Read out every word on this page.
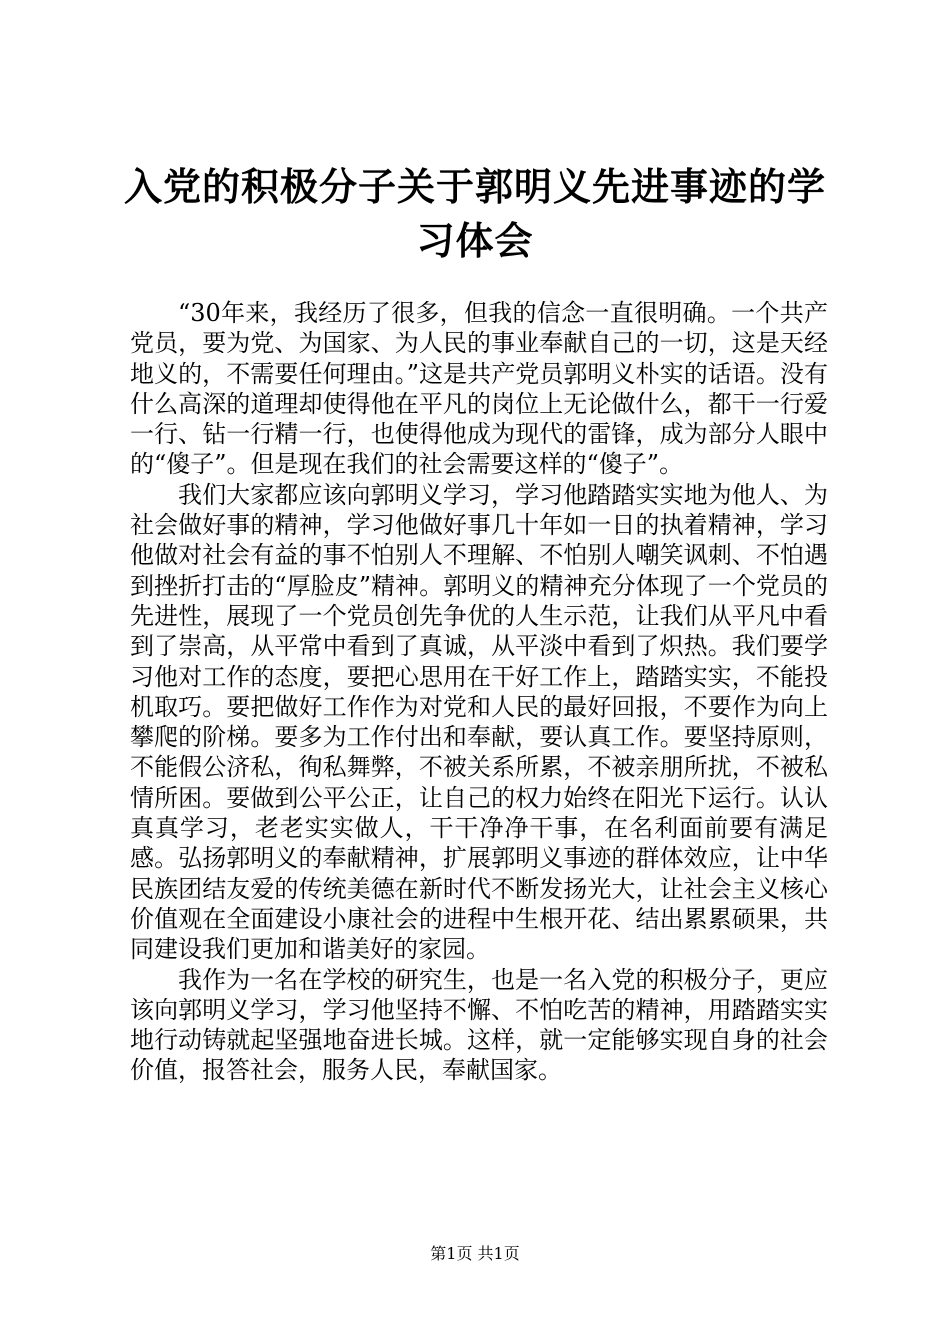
入党的积极分子关于郭明义先进事迹的学习体会

“30年来，我经历了很多，但我的信念一直很明确。一个共产党员，要为党、为国家、为人民的事业奉献自己的一切，这是天经地义的，不需要任何理由。”这是共产党员郭明义朴实的话语。没有什么高深的道理却使得他在平凡的岗位上无论做什么，都干一行爱一行、钻一行精一行，也使得他成为现代的雷锋，成为部分人眼中的“傻子”。但是现在我们的社会需要这样的“傻子”。

我们大家都应该向郭明义学习，学习他踏踏实实地为他人、为社会做好事的精神，学习他做好事几十年如一日的执着精神，学习他做对社会有益的事不怕别人不理解、不怕别人嘲笑讽刺、不怕遇到挫折打击的“厚脸皮”精神。郭明义的精神充分体现了一个党员的先进性，展现了一个党员创先争优的人生示范，让我们从平凡中看到了崇高，从平常中看到了真诚，从平淡中看到了炽热。我们要学习他对工作的态度，要把心思用在干好工作上，踏踏实实，不能投机取巧。要把做好工作作为对党和人民的最好回报，不要作为向上攀爬的阶梯。要多为工作付出和奉献，要认真工作。要坚持原则，不能假公济私，徇私舞弊，不被关系所累，不被亲朋所扰，不被私情所困。要做到公平公正，让自己的权力始终在阳光下运行。认认真真学习，老老实实做人，干干净净干事，在名利面前要有满足感。弘扬郭明义的奉献精神，扩展郭明义事迹的群体效应，让中华民族团结友爱的传统美德在新时代不断发扬光大，让社会主义核心价值观在全面建设小康社会的进程中生根开花、结出累累硕果，共同建设我们更加和谐美好的家园。

我作为一名在学校的研究生，也是一名入党的积极分子，更应该向郭明义学习，学习他坚持不懈、不怕吃苦的精神，用踏踏实实地行动铸就起坚强地奋进长城。这样，就一定能够实现自身的社会价值，报答社会，服务人民，奉献国家。

第1页 共1页
